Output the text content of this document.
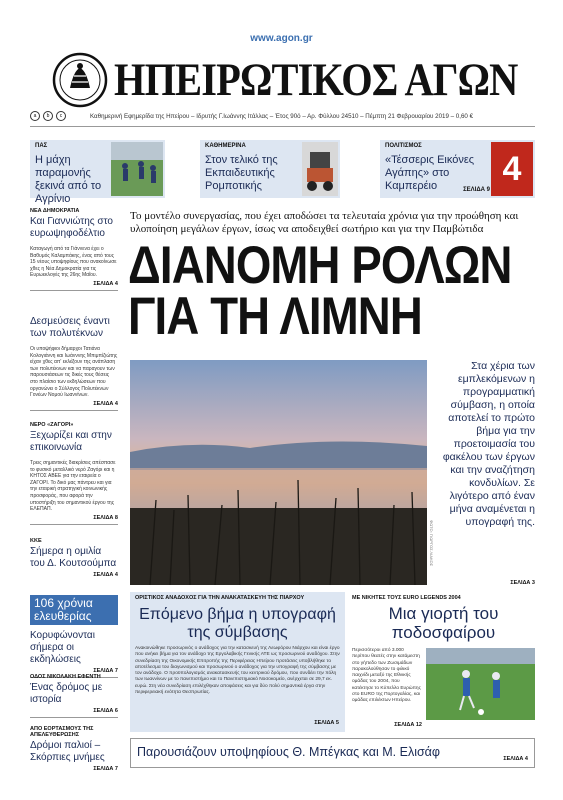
www.agon.gr
ΗΠΕΙΡΩΤΙΚΟΣ ΑΓΩΝ
a	b	c	Καθημερινή Εφημερίδα της Ηπείρου – Ιδρυτής Γ.Ιωάννης Ιτάλλας – Έτος 90ό – Αρ. Φύλλου 24510 – Πέμπτη 21 Φεβρουαρίου 2019 – 0,60 €
ΠΑΣ
Η μάχη παραμονής ξεκινά από το Αγρίνιο
ΚΑΘΗΜΕΡΙΝΑ
Στον τελικό της Εκπαιδευτικής Ρομποτικής
ΠΟΛΙΤΙΣΜΟΣ
«Τέσσερις Εικόνες Αγάπης» στο Καμπερέιο	ΣΕΛΙΔΑ 9
4
ΝΕΑ ΔΗΜΟΚΡΑΤΙΑ
Και Γιαννιώτης στο ευρωψηφοδέλτιο
Καταγωγή από τα Γιάννενα έχει ο Βαθυμός Καλαμπάκης, ένας από τους 15 νέους υποψηφίους που ανακοίνωσε χθες η Νέα Δημοκρατία για τις Ευρωεκλογές της 26ης Μαΐου.
ΣΕΛΙΔΑ 4
Δεσμεύσεις έναντι των πολυτέκνων
Οι υποψήφιοι δήμαρχοι Τατιάνα Κολογιάννη και Ιωάνννης Μπιμπίζιώτης είχαν χθες απ' εκλέξουν της ανάπλαση των πολυτέκνων και να παραγουν των παρουσιάσεων τις δικές τους θέσεις στο πλαίσιο των εκδηλώσεων που οργανώνει ο Σύλλογος Πολυτέκνων Γονέων Νομού Ιωαννίνων.
ΣΕΛΙΔΑ 4
ΝΕΡΟ «ΖΑΓΟΡΙ»
Ξεχωρίζει και στην επικοινωνία
Τρεις σημαντικές διακρίσεις απέσπασε το φυσικό μεταλλικό νερό Ζαγόρι και η ΚΗΤΟΣ ΑΒΕΕ για την εταιρεία ο ΖΑΓΟΡΙ. Το δικό μας πάντρευ και για την εταιρική στρατηγική κοινωνικής προσφοράς, που αφορά την υποστήριξη του σημαντικού έργου της ΕΛΕΠΑΠ.
ΣΕΛΙΔΑ 8
ΚΚΕ
Σήμερα η ομιλία του Δ. Κουτσούμπα
ΣΕΛΙΔΑ 4
Κορυφώνονται σήμερα οι εκδηλώσεις
ΣΕΛΙΔΑ 7
ΟΔΟΣ ΝΙΚΟΛΑΚΗ ΕΦΕΝΤΗ
Ένας δρόμος με ιστορία
ΣΕΛΙΔΑ 6
ΑΠΟ ΕΟΡΤΑΣΜΟΥΣ ΤΗΣ ΑΠΕΛΕΥΘΕΡΩΣΗΣ
Δρόμοι παλιοί – Σκόρπιες μνήμες
ΣΕΛΙΔΑ 7
106 χρόνια ελευθερίας
Το μοντέλο συνεργασίας, που έχει αποδώσει τα τελευταία χρόνια για την προώθηση και υλοποίηση μεγάλων έργων, ίσως να αποδειχθεί σωτήριο και για την Παμβώτιδα
ΔΙΑΝΟΜΗ ΡΟΛΩΝ
ΓΙΑ ΤΗ ΛΙΜΝΗ
ΦΩΤΟ: ΓΙΩΡΓΟΣ ΛΙΑΚΟΣ
Στα χέρια των εμπλεκόμενων η προγραμματική σύμβαση, η οποία αποτελεί το πρώτο βήμα για την προετοιμασία του φακέλου των έργων και την αναζήτηση κονδυλίων. Σε λιγότερο από έναν μήνα αναμένεται η υπογραφή της.
ΣΕΛΙΔΑ 3
ΟΡΙΣΤΙΚΟΣ ΑΝΑΔΟΧΟΣ ΓΙΑ ΤΗΝ ΑΝΑΚΑΤΑΣΚΕΥΗ ΤΗΣ ΠΙΑΡΧΟΥ
Επόμενο βήμα η υπογραφή της σύμβασης
Ανακοινώθηκε προσωρινός ο ανάδοχος για την κατασκευή της Λεωφόρου Νιάρχου και είναι έργο που ανήκει βήμα για τον ανάδοχο της Εργολαβικής Γενικής ΑΤΕ ως προσωρινού αναδόχου. Στην συνεδρίαση της Οικονομικής Επιτροπής της Περιφέρειας Ηπείρου προτάσεις υποβλήθηκε το αποτέλεσμα του διαγωνισμού και προσωρινού ο ανάδοχος για την υπογραφή της σύμβασης με τον ανάδοχο. Ο προϋπολογισμός ανακατασκευής του κεντρικού δρόμου, που συνδέει την πόλη των Ιωαννίνων με το πανεπιστήμιο και το Πανεπιστημιακό Νοσοκομείο, ανέρχεται σε 29,7 εκ. ευρώ. Στη νέα συνεδρίαση επιλέχθηκαν αποφάσεις και για δύο πολύ σημαντικά έργα στην περιφερειακή ενότητα Θεσπρωτίας.
ΣΕΛΙΔΑ 5
ΜΕ ΝΙΚΗΤΕΣ ΤΟΥΣ EURO LEGENDS 2004
Μια γιορτή του ποδοσφαίρου
Περισσότεροι από 3.000 περίπου θεατές στην κατάμεστη στο γήπεδο των Ζωσιμάδων παρακολούθησαν το φιλικό παιχνίδι μεταξύ της Εθνικής ομάδας του 2004, που κατέκτησε το Κύπελλο Ευρώπης στο EURO της Πορτογαλίας, και ομάδας επιλέκτων Ηπείρου.
ΣΕΛΙΔΑ 12
Παρουσιάζουν υποψηφίους Θ. Μπέγκας και Μ. Ελισάφ	ΣΕΛΙΔΑ 4
